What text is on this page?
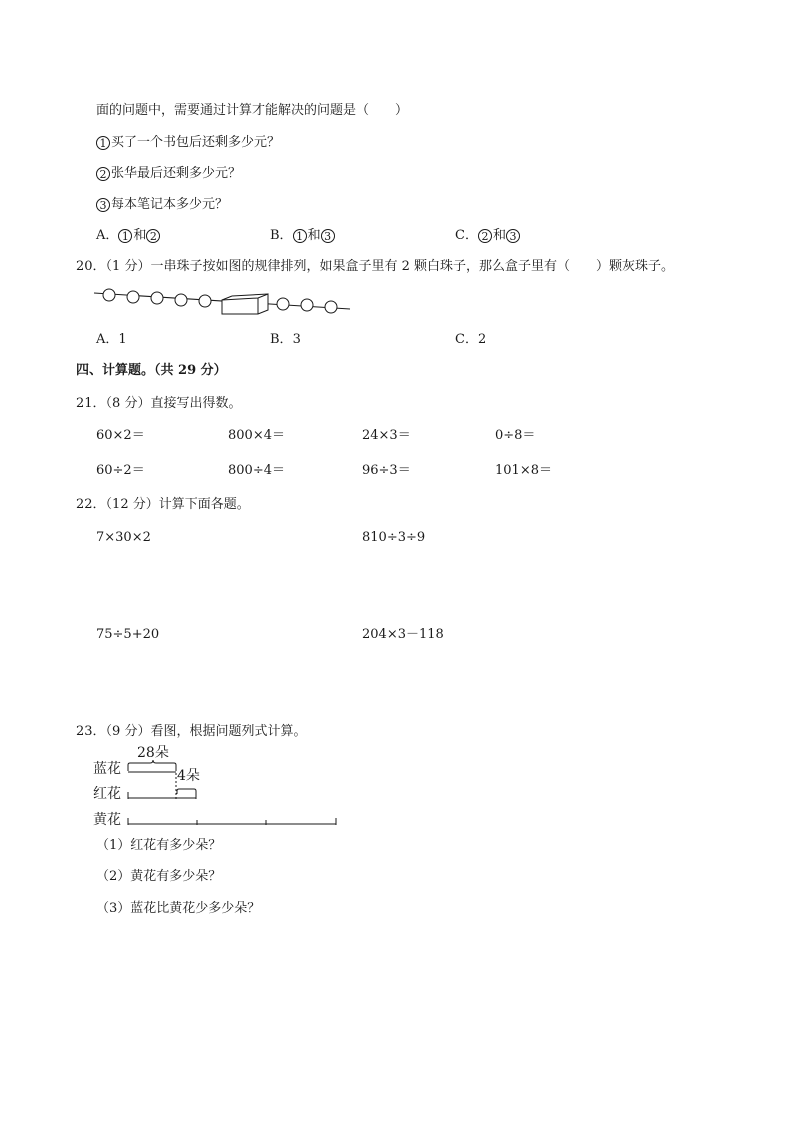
面的问题中，需要通过计算才能解决的问题是（　　）
1 买了一个书包后还剩多少元？
2 张华最后还剩多少元？
3 每本笔记本多少元？
A． 1 和 2	B． 1 和 3	C． 2 和 3
20．（1 分）一串珠子按如图的规律排列，如果盒子里有 2 颗白珠子，那么盒子里有（　　）颗灰珠子。
A．1	B．3	C．2
四、计算题。（共 29 分）
21．（8 分）直接写出得数。
60×2＝	800×4＝	24×3＝	0÷8＝
60÷2＝	800÷4＝	96÷3＝	101×8＝
22．（12 分）计算下面各题。
7×30×2	810÷3÷9
75÷5+20	204×3－118
23．（9 分）看图，根据问题列式计算。
蓝花
红花
黄花
28朵
4朵
（1）红花有多少朵？
（2）黄花有多少朵？
（3）蓝花比黄花少多少朵？
